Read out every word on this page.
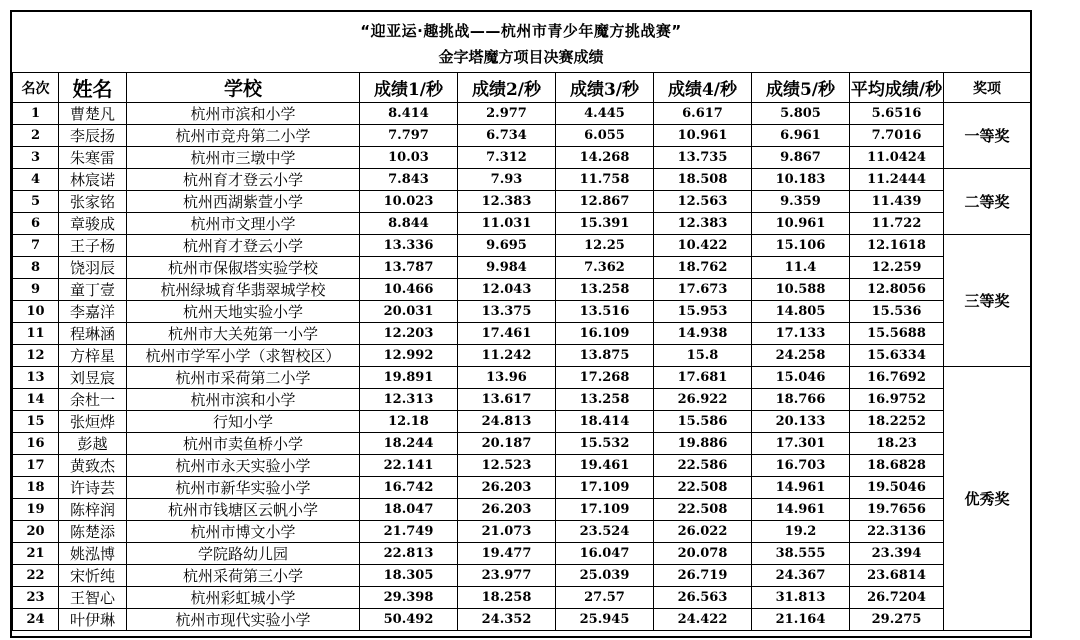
“迎亚运·趣挑战——杭州市青少年魔方挑战赛”
金字塔魔方项目决赛成绩
名次	姓名	学校	成绩1/秒	成绩2/秒	成绩3/秒	成绩4/秒	成绩5/秒	平均成绩/秒	奖项
1	曹楚凡	杭州市滨和小学	8.414	2.977	4.445	6.617	5.805	5.6516	一等奖
2	李辰扬	杭州市竞舟第二小学	7.797	6.734	6.055	10.961	6.961	7.7016	
3	朱寒雷	杭州市三墩中学	10.03	7.312	14.268	13.735	9.867	11.0424	
4	林宸诺	杭州育才登云小学	7.843	7.93	11.758	18.508	10.183	11.2444	二等奖
5	张家铭	杭州西湖紫萱小学	10.023	12.383	12.867	12.563	9.359	11.439	
6	章骏成	杭州市文理小学	8.844	11.031	15.391	12.383	10.961	11.722	
7	王子杨	杭州育才登云小学	13.336	9.695	12.25	10.422	15.106	12.1618	三等奖
8	饶羽辰	杭州市保俶塔实验学校	13.787	9.984	7.362	18.762	11.4	12.259	
9	童丁壹	杭州绿城育华翡翠城学校	10.466	12.043	13.258	17.673	10.588	12.8056	
10	李嘉洋	杭州天地实验小学	20.031	13.375	13.516	15.953	14.805	15.536	
11	程琳涵	杭州市大关苑第一小学	12.203	17.461	16.109	14.938	17.133	15.5688	
12	方梓星	杭州市学军小学（求智校区）	12.992	11.242	13.875	15.8	24.258	15.6334	
13	刘昱宸	杭州市采荷第二小学	19.891	13.96	17.268	17.681	15.046	16.7692	优秀奖
14	余杜一	杭州市滨和小学	12.313	13.617	13.258	26.922	18.766	16.9752	
15	张烜烨	行知小学	12.18	24.813	18.414	15.586	20.133	18.2252	
16	彭越	杭州市卖鱼桥小学	18.244	20.187	15.532	19.886	17.301	18.23	
17	黄致杰	杭州市永天实验小学	22.141	12.523	19.461	22.586	16.703	18.6828	
18	许诗芸	杭州市新华实验小学	16.742	26.203	17.109	22.508	14.961	19.5046	
19	陈梓润	杭州市钱塘区云帆小学	18.047	26.203	17.109	22.508	14.961	19.7656	
20	陈楚添	杭州市博文小学	21.749	21.073	23.524	26.022	19.2	22.3136	
21	姚泓博	学院路幼儿园	22.813	19.477	16.047	20.078	38.555	23.394	
22	宋忻纯	杭州采荷第三小学	18.305	23.977	25.039	26.719	24.367	23.6814	
23	王智心	杭州彩虹城小学	29.398	18.258	27.57	26.563	31.813	26.7204	
24	叶伊琳	杭州市现代实验小学	50.492	24.352	25.945	24.422	21.164	29.275	
